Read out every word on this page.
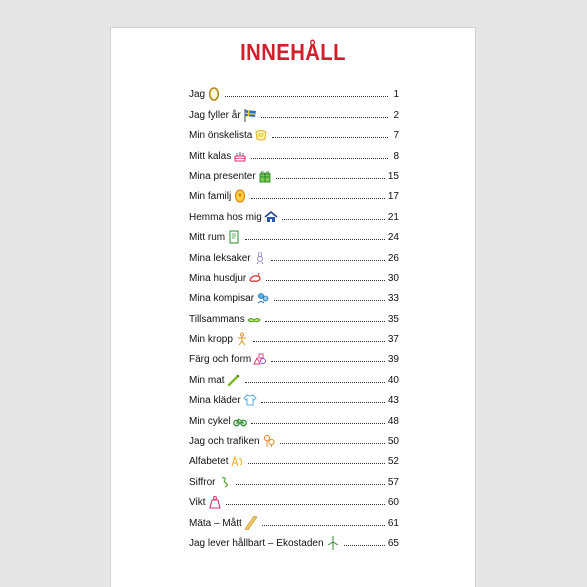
INNEHÅLL
Jag	1
Jag fyller år	2
Min önskelista	7
Mitt kalas	8
Mina presenter	15
Min familj	17
Hemma hos mig	21
Mitt rum	24
Mina leksaker	26
Mina husdjur	30
Mina kompisar	33
Tillsammans	35
Min kropp	37
Färg och form	39
Min mat	40
Mina kläder	43
Min cykel	48
Jag och trafiken	50
Alfabetet	52
Siffror	57
Vikt	60
Mäta – Mått	61
Jag lever hållbart – Ekostaden	65
